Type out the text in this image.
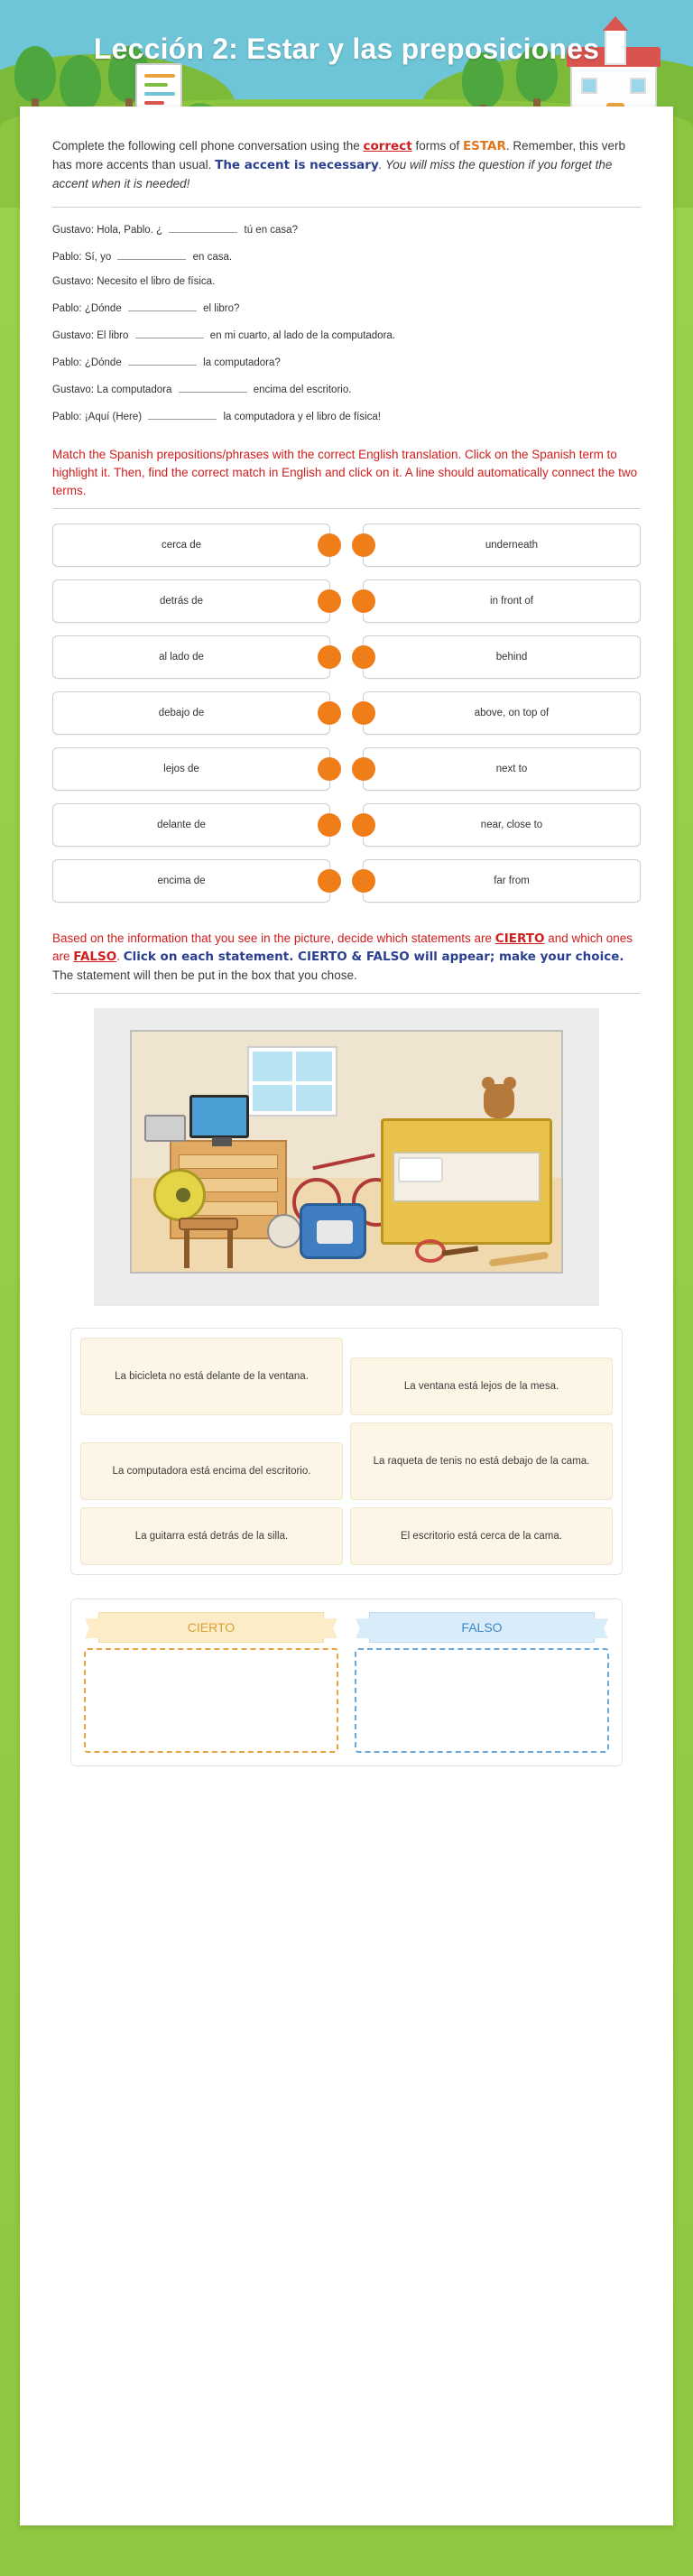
Lección 2: Estar y las preposiciones
Complete the following cell phone conversation using the correct forms of ESTAR. Remember, this verb has more accents than usual. The accent is necessary. You will miss the question if you forget the accent when it is needed!
Gustavo: Hola, Pablo. ¿	tú en casa?
Pablo: Sí, yo	en casa.
Gustavo: Necesito el libro de física.
Pablo: ¿Dónde	el libro?
Gustavo: El libro	en mi cuarto, al lado de la computadora.
Pablo: ¿Dónde	la computadora?
Gustavo: La computadora	encima del escritorio.
Pablo: ¡Aquí (Here)	la computadora y el libro de física!
Match the Spanish prepositions/phrases with the correct English translation. Click on the Spanish term to highlight it. Then, find the correct match in English and click on it. A line should automatically connect the two terms.
cerca de
detrás de
al lado de
debajo de
lejos de
delante de
encima de
underneath
in front of
behind
above, on top of
next to
near, close to
far from
Based on the information that you see in the picture, decide which statements are CIERTO and which ones are FALSO. Click on each statement. CIERTO & FALSO will appear; make your choice. The statement will then be put in the box that you chose.
La bicicleta no está delante de la ventana.
La ventana está lejos de la mesa.
La computadora está encima del escritorio.
La raqueta de tenis no está debajo de la cama.
La guitarra está detrás de la silla.	El escritorio está cerca de la cama.
CIERTO	FALSO
